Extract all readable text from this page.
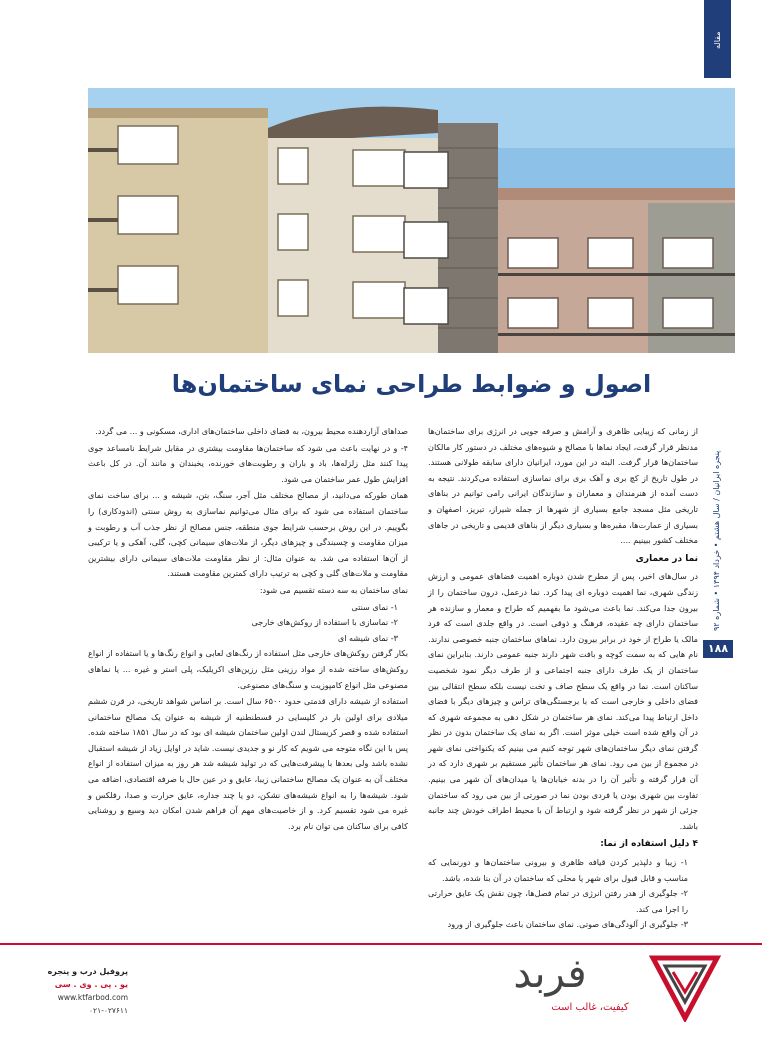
مقاله
اصول و ضوابط طراحی نمای ساختمان‌ها

از زمانی که زیبایی ظاهری و آرامش و صرفه جویی در انرژی برای ساختمان‌ها مدنظر قرار گرفت، ایجاد نماها با مصالح و شیوه‌های مختلف در دستور کار مالکان ساختمان‌ها قرار گرفت. البته در این مورد، ایرانیان دارای سابقه طولانی هستند. در طول تاریخ از کچ بری و آهک بری برای نماسازی استفاده می‌کردند. نتیجه به دست آمده از هنرمندان و معماران و سازندگان ایرانی رامی توانیم در بناهای تاریخی مثل مسجد جامع بسیاری از شهرها از جمله شیراز، تبریز، اصفهان و بسیاری از عمارت‌ها، مقبره‌ها و بسیاری دیگر از بناهای قدیمی و تاریخی در جاهای مختلف کشور ببینیم ....

نما در معماری

در سال‌های اخیر، پس از مطرح شدن دوباره اهمیت فضاهای عمومی و ارزش زندگی شهری، نما اهمیت دوباره ای پیدا کرد. نما درعمل، درون ساختمان را از بیرون جدا می‌کند. نما باعث می‌شود ما بفهمیم که طراح و معمار و سازنده هر ساختمان دارای چه عقیده، فرهنگ و ذوقی است. در واقع جلدی است که فرد مالک یا طراح از خود در برابر بیرون دارد. نماهای ساختمان جنبه خصوصی ندارند. نام هایی که به سمت کوچه و بافت شهر دارند جنبه عمومی دارند. بنابراین نمای ساختمان از یک طرف دارای جنبه اجتماعی و از طرف دیگر نمود شخصیت ساکنان است. نما در واقع یک سطح صاف و تخت نیست بلکه سطح انتقالی بین فضای داخلی و خارجی است که با برجستگی‌های تراس و چیزهای دیگر با فضای داخل ارتباط پیدا می‌کند. نمای هر ساختمان در شکل دهی به مجموعه شهری که در آن واقع شده است خیلی موثر است. اگر به نمای یک ساختمان بدون در نظر گرفتن نمای دیگر ساختمان‌های شهر توجه کنیم می بینیم که یکنواختی نمای شهر در مجموع از بین می رود. نمای هر ساختمان تأثیر مستقیم بر شهری دارد که در آن قرار گرفته و تأثیر آن را در بدنه خیابان‌ها یا میدان‌های آن شهر می بینیم. تفاوت بین شهری بودن یا فردی بودن نما در صورتی از بین می رود که ساختمان جزئی از شهر در نظر گرفته شود و ارتباط آن با محیط اطراف خودش چند جانبه باشد.

۴ دلیل استفاده از نما:

۱- زیبا و دلپذیر کردن قیافه ظاهری و بیرونی ساختمان‌ها و دورنمایی که مناسب و قابل قبول برای شهر یا محلی که ساختمان در آن بنا شده، باشد.

۲- جلوگیری از هدر رفتن انرژی در تمام فصل‌ها، چون نقش یک عایق حرارتی را اجرا می کند.

۳- جلوگیری از آلودگی‌های صوتی. نمای ساختمان باعث جلوگیری از ورود

صداهای آزاردهنده محیط بیرون، به فضای داخلی ساختمان‌های اداری، مسکونی و ... می گردد.

۴- و در نهایت باعث می شود که ساختمان‌ها مقاومت بیشتری در مقابل شرایط نامساعد جوی پیدا کنند مثل زلزله‌ها، باد و باران و رطوبت‌های خورنده، یخبندان و مانند آن. در کل باعث افزایش طول عمر ساختمان می شود.

همان طورکه می‌دانید، از مصالح مختلف مثل آجر، سنگ، بتن، شیشه و ... برای ساخت نمای ساختمان استفاده می شود که برای مثال می‌توانیم نماسازی به روش سنتی (اندودکاری) را بگوییم. در این روش برحسب شرایط جوی منطقه، جنس مصالح از نظر جذب آب و رطوبت و میزان مقاومت و چسبندگی و چیزهای دیگر، از ملات‌های سیمانی کچی، گلی، آهکی و یا ترکیبی از آن‌ها استفاده می شد. به عنوان مثال: از نظر مقاومت ملات‌های سیمانی دارای بیشترین مقاومت و ملات‌های گلی و کچی به ترتیب دارای کمترین مقاومت هستند.

نمای ساختمان به سه دسته تقسیم می شود:

۱- نمای سنتی

۲- نماسازی با استفاده از روکش‌های خارجی

۳- نمای شیشه ای

بکار گرفتن روکش‌های خارجی مثل استفاده از رنگ‌های لعابی و انواع رنگ‌ها و یا استفاده از انواع روکش‌های ساخته شده از مواد رزینی مثل رزین‌های اکریلیک، پلی استر و غیره ... یا نماهای مصنوعی مثل انواع کامپوزیت و سنگ‌های مصنوعی.

استفاده از شیشه دارای قدمتی حدود ۶۵۰۰ سال است. بر اساس شواهد تاریخی، در قرن ششم میلادی برای اولین بار در کلیسایی در قسطنطنیه از شیشه به عنوان یک مصالح ساختمانی استفاده شده و قصر کریستال لندن اولین ساختمان شیشه ای بود که در سال ۱۸۵۱ ساخته شده. پس با این نگاه متوجه می شویم که کار نو و جدیدی نیست. شاید در اوایل زیاد از شیشه استقبال نشده باشد ولی بعدها با پیشرفت‌هایی که در تولید شیشه شد هر روز به میزان استفاده از انواع مختلف آن به عنوان یک مصالح ساختمانی زیبا، عایق و در عین حال با صرفه اقتصادی، اضافه می شود. شیشه‌ها را به انواع شیشه‌های نشکن، دو یا چند جداره، عایق حرارت و صدا، رفلکس و غیره می شود تقسیم کرد. و از خاصیت‌های مهم آن فراهم شدن امکان دید وسیع و روشنایی کافی برای ساکنان می توان نام برد.

پنجره ایرانیان / سال هشتم • خرداد ۱۳۹۴ • شماره ۹۲
۱۸۸
فربد
کیفیت، غالب است
پروفیل درب و پنجره
یو . پی . وی . سی
www.ktfarbod.com
۰۲۱-۰۲۷۶۱۱
